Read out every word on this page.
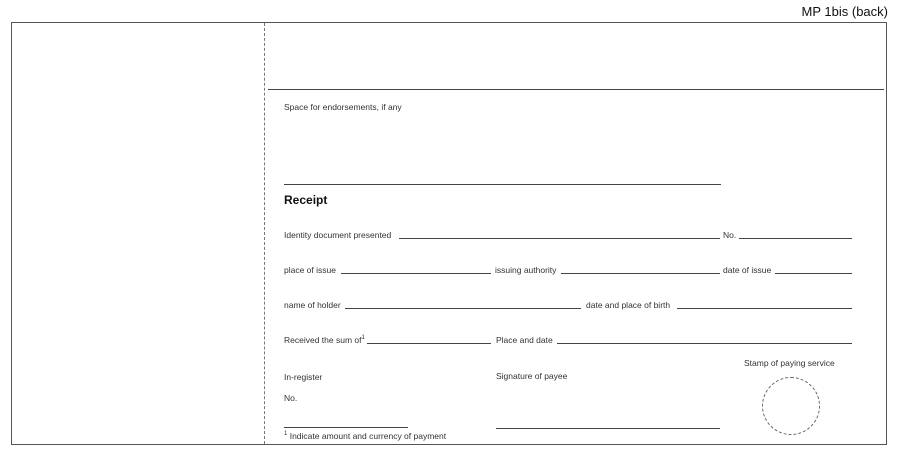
MP 1bis (back)
Space for endorsements, if any
Receipt
Identity document presented	No.
place of issue	issuing authority	date of issue
name of holder	date and place of birth
Received the sum $of^1$	Place and date
Stamp of paying service
In-register	Signature of payee
No.
$^1$ Indicate amount and currency of payment
